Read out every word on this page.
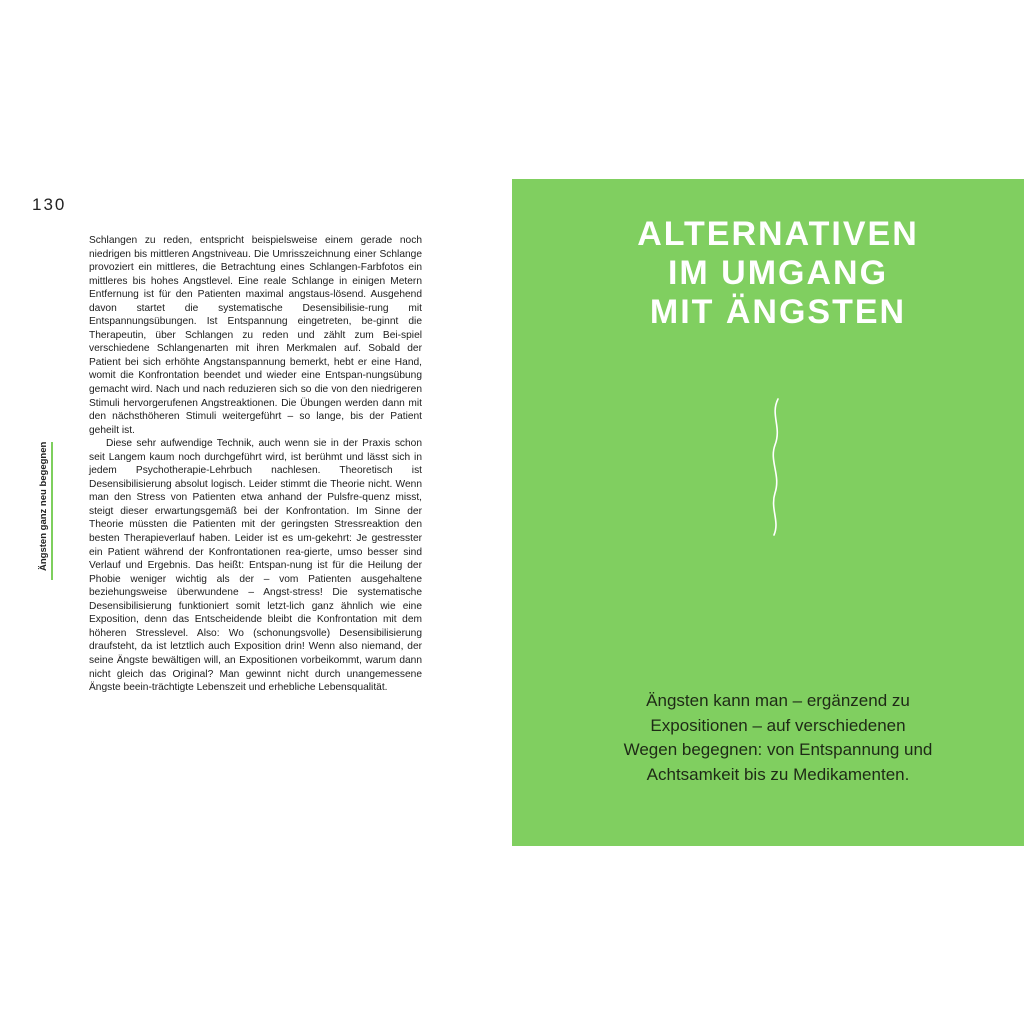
130
Ängsten ganz neu begegnen

Schlangen zu reden, entspricht beispielsweise einem gerade noch niedrigen bis mittleren Angstniveau. Die Umrisszeichnung einer Schlange provoziert ein mittleres, die Betrachtung eines Schlangen-Farbfotos ein mittleres bis hohes Angstlevel. Eine reale Schlange in einigen Metern Entfernung ist für den Patienten maximal angstaus-lösend. Ausgehend davon startet die systematische Desensibilisie-rung mit Entspannungsübungen. Ist Entspannung eingetreten, be-ginnt die Therapeutin, über Schlangen zu reden und zählt zum Bei-spiel verschiedene Schlangenarten mit ihren Merkmalen auf. Sobald der Patient bei sich erhöhte Angstanspannung bemerkt, hebt er eine Hand, womit die Konfrontation beendet und wieder eine Entspan-nungsübung gemacht wird. Nach und nach reduzieren sich so die von den niedrigeren Stimuli hervorgerufenen Angstreaktionen. Die Übungen werden dann mit den nächsthöheren Stimuli weitergeführt – so lange, bis der Patient geheilt ist.

Diese sehr aufwendige Technik, auch wenn sie in der Praxis schon seit Langem kaum noch durchgeführt wird, ist berühmt und lässt sich in jedem Psychotherapie-Lehrbuch nachlesen. Theoretisch ist Desensibilisierung absolut logisch. Leider stimmt die Theorie nicht. Wenn man den Stress von Patienten etwa anhand der Pulsfre-quenz misst, steigt dieser erwartungsgemäß bei der Konfrontation. Im Sinne der Theorie müssten die Patienten mit der geringsten Stressreaktion den besten Therapieverlauf haben. Leider ist es um-gekehrt: Je gestresster ein Patient während der Konfrontationen rea-gierte, umso besser sind Verlauf und Ergebnis. Das heißt: Entspan-nung ist für die Heilung der Phobie weniger wichtig als der – vom Patienten ausgehaltene beziehungsweise überwundene – Angst-stress! Die systematische Desensibilisierung funktioniert somit letzt-lich ganz ähnlich wie eine Exposition, denn das Entscheidende bleibt die Konfrontation mit dem höheren Stresslevel. Also: Wo (schonungsvolle) Desensibilisierung draufsteht, da ist letztlich auch Exposition drin! Wenn also niemand, der seine Ängste bewältigen will, an Expositionen vorbeikommt, warum dann nicht gleich das Original? Man gewinnt nicht durch unangemessene Ängste beein-trächtigte Lebenszeit und erhebliche Lebensqualität.

ALTERNATIVEN
IM UMGANG
MIT ÄNGSTEN
Ängsten kann man – ergänzend zu
Expositionen – auf verschiedenen
Wegen begegnen: von Entspannung und
Achtsamkeit bis zu Medikamenten.
